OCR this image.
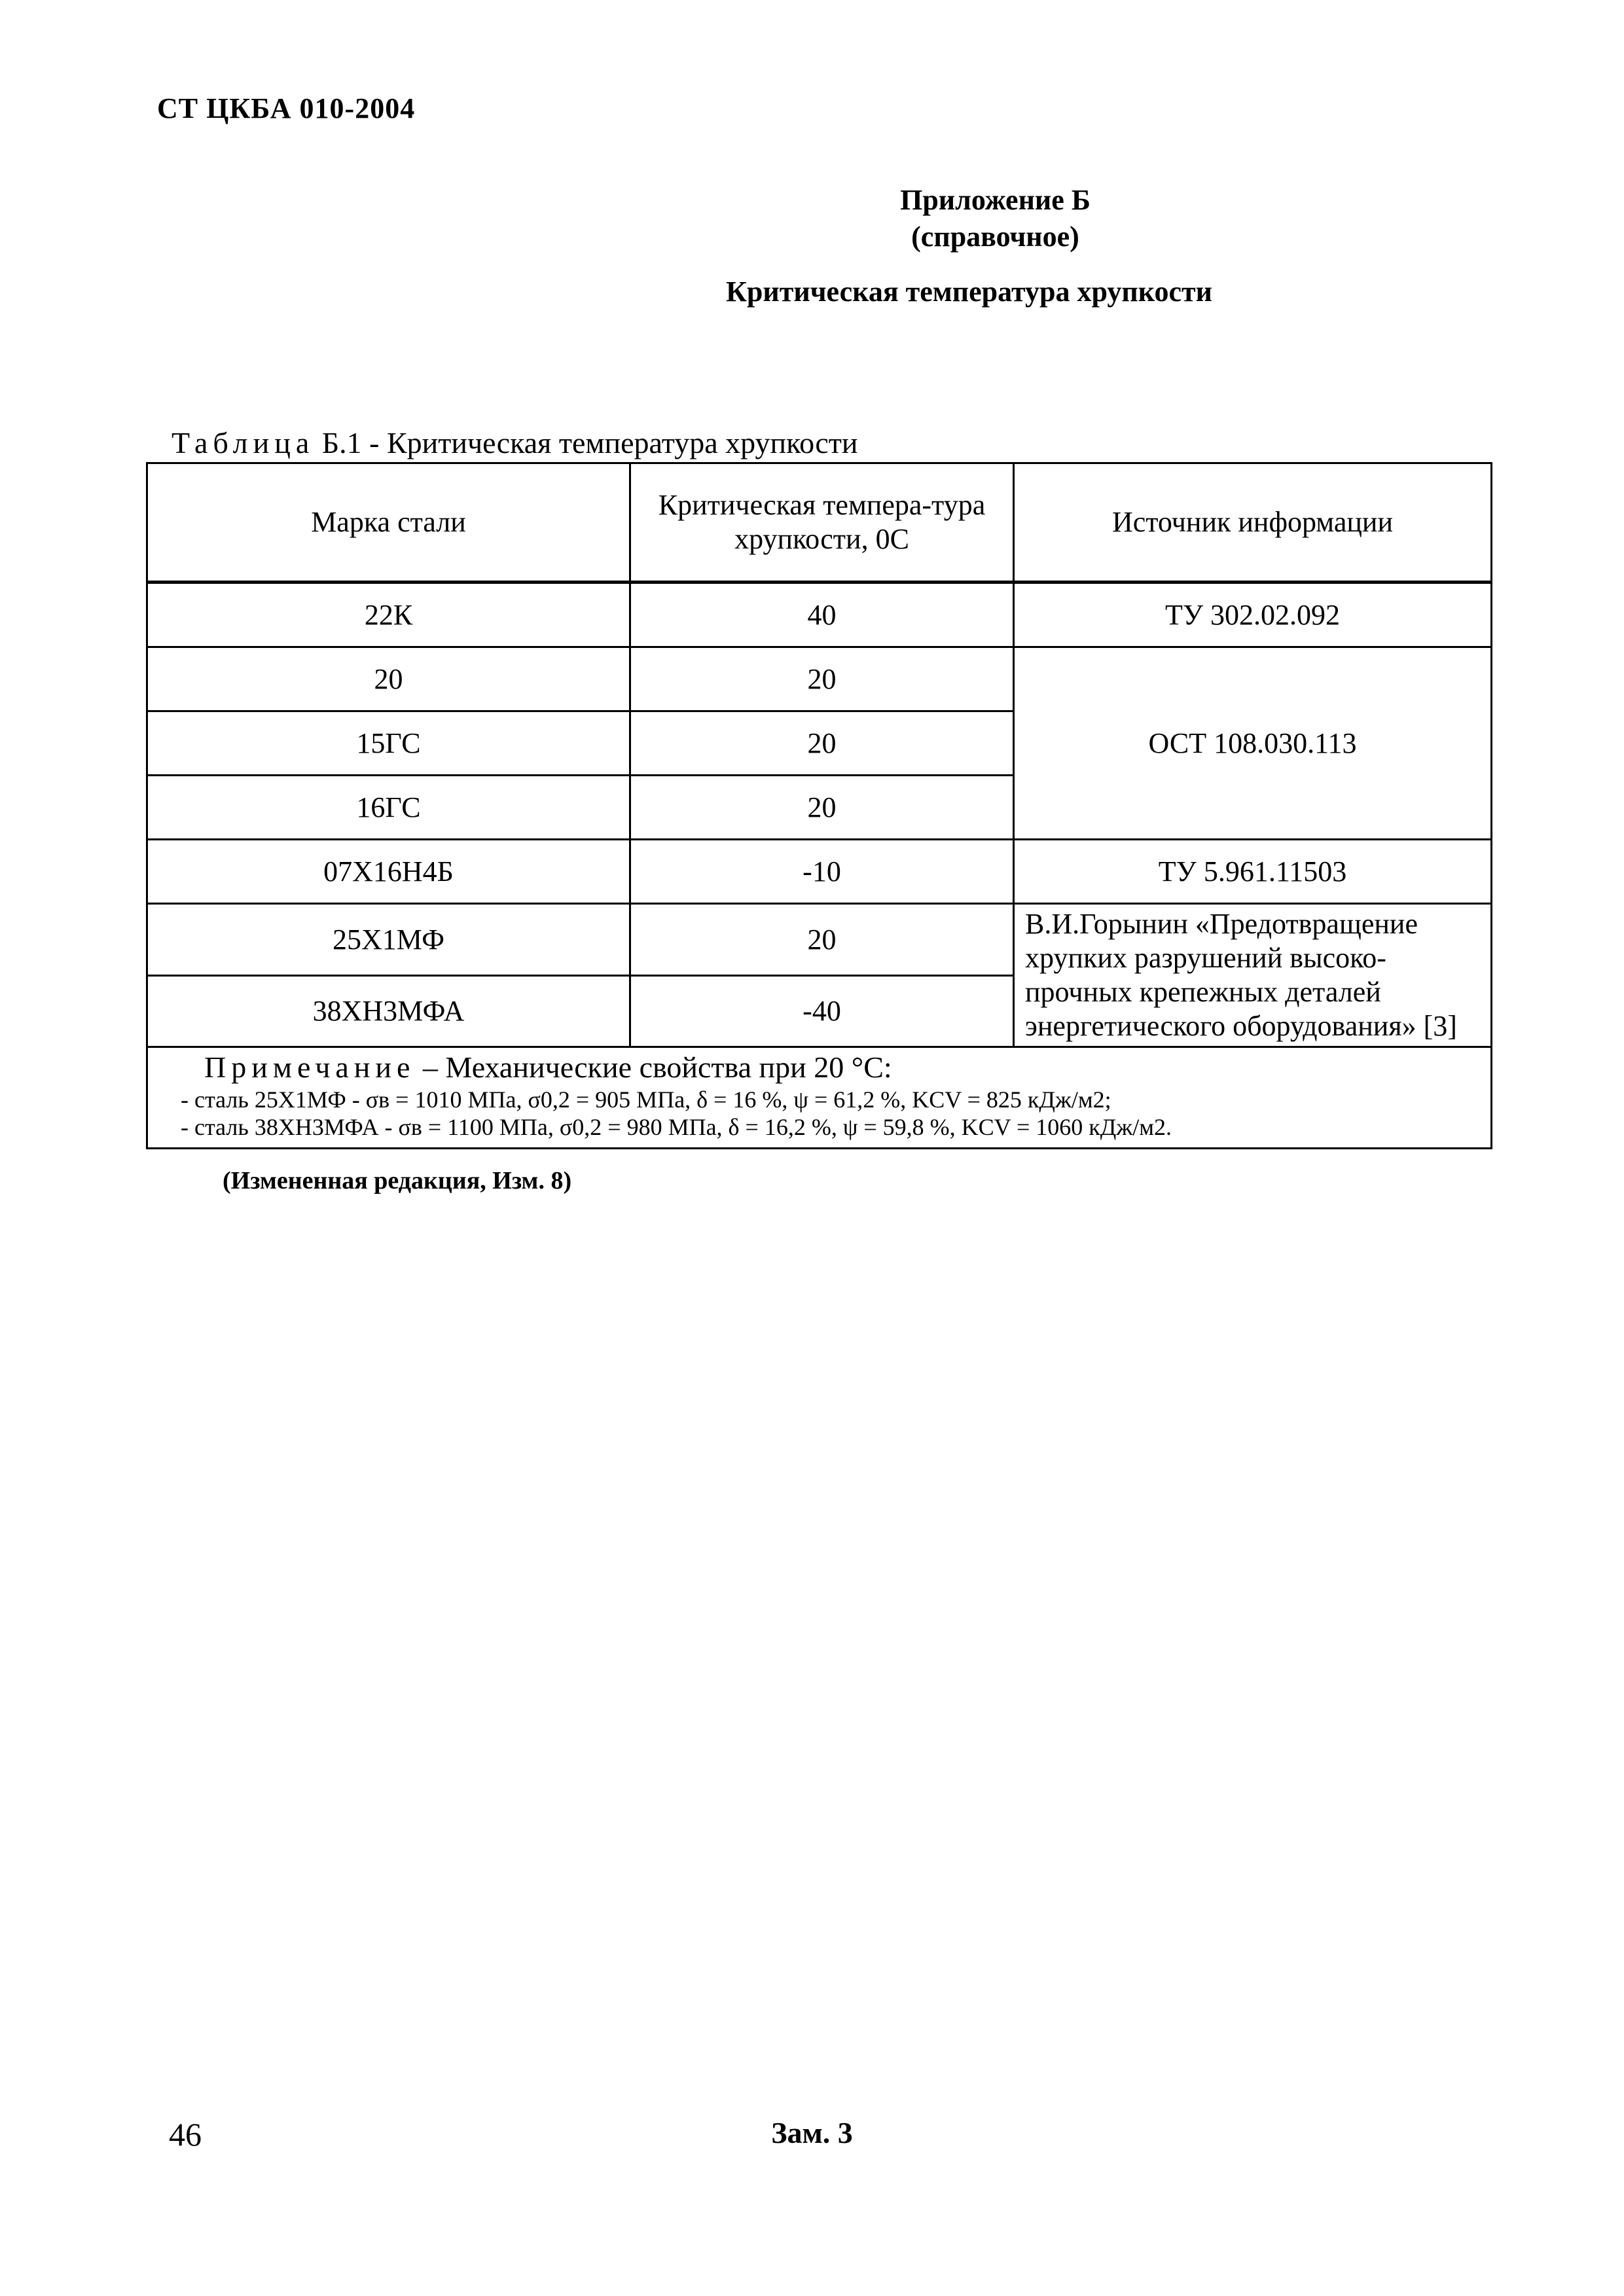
СТ ЦКБА 010-2004
Приложение Б
(справочное)
Критическая температура хрупкости
Таблица Б.1 - Критическая температура хрупкости
Марка стали	Критическая темпера-тура хрупкости, 0С	Источник информации
22К	40	ТУ 302.02.092
20	20	ОСТ 108.030.113
15ГС	20	
16ГС	20	
07Х16Н4Б	-10	ТУ 5.961.11503
25Х1МФ	20	В.И.Горынин «Предотвращение хрупких разрушений высоко-прочных крепежных деталей энергетического оборудования» [3]
38ХН3МФА	-40	

Примечание – Механические свойства при 20 °С:
- сталь 25Х1МФ - σв = 1010 МПа, σ0,2 = 905 МПа, δ = 16 %, ψ = 61,2 %, KCV = 825 кДж/м2;
- сталь 38ХН3МФА - σв = 1100 МПа, σ0,2 = 980 МПа, δ = 16,2 %, ψ = 59,8 %, KCV = 1060 кДж/м2.		
(Измененная редакция, Изм. 8)
46	Зам. 3
